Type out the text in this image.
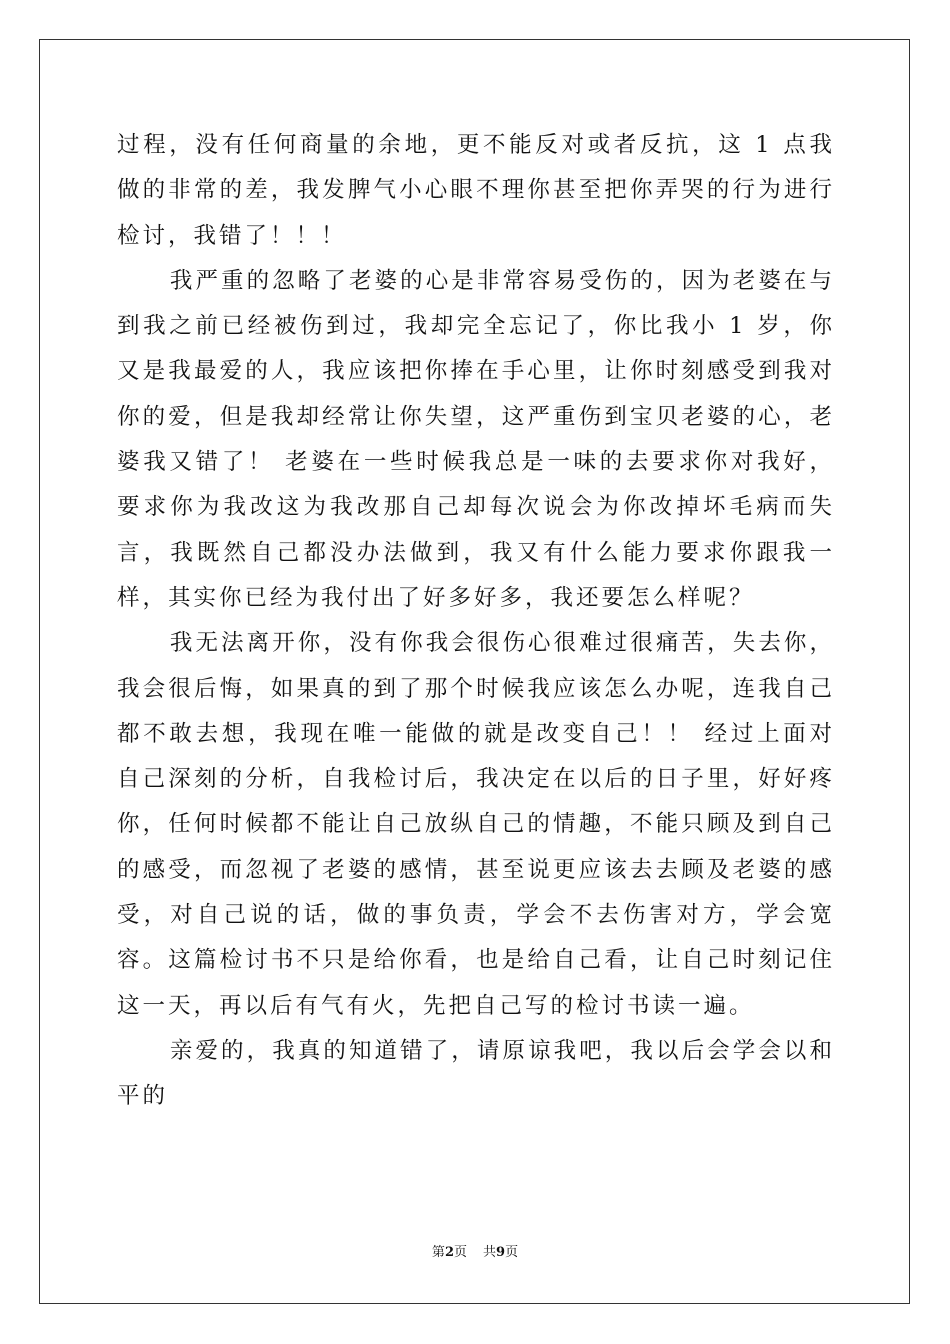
过程，没有任何商量的余地，更不能反对或者反抗，这 1 点我做的非常的差，我发脾气小心眼不理你甚至把你弄哭的行为进行检讨，我错了！！！

我严重的忽略了老婆的心是非常容易受伤的，因为老婆在与到我之前已经被伤到过，我却完全忘记了，你比我小 1 岁，你又是我最爱的人，我应该把你捧在手心里，让你时刻感受到我对你的爱，但是我却经常让你失望，这严重伤到宝贝老婆的心，老婆我又错了！ 老婆在一些时候我总是一味的去要求你对我好，要求你为我改这为我改那自己却每次说会为你改掉坏毛病而失言，我既然自己都没办法做到，我又有什么能力要求你跟我一样，其实你已经为我付出了好多好多，我还要怎么样呢？

我无法离开你，没有你我会很伤心很难过很痛苦，失去你，我会很后悔，如果真的到了那个时候我应该怎么办呢，连我自己都不敢去想，我现在唯一能做的就是改变自己！！ 经过上面对自己深刻的分析，自我检讨后，我决定在以后的日子里，好好疼你，任何时候都不能让自己放纵自己的情趣，不能只顾及到自己的感受，而忽视了老婆的感情，甚至说更应该去去顾及老婆的感受，对自己说的话，做的事负责，学会不去伤害对方，学会宽容。这篇检讨书不只是给你看，也是给自己看，让自己时刻记住这一天，再以后有气有火，先把自己写的检讨书读一遍。

亲爱的，我真的知道错了，请原谅我吧，我以后会学会以和平的

第2页 共9页
